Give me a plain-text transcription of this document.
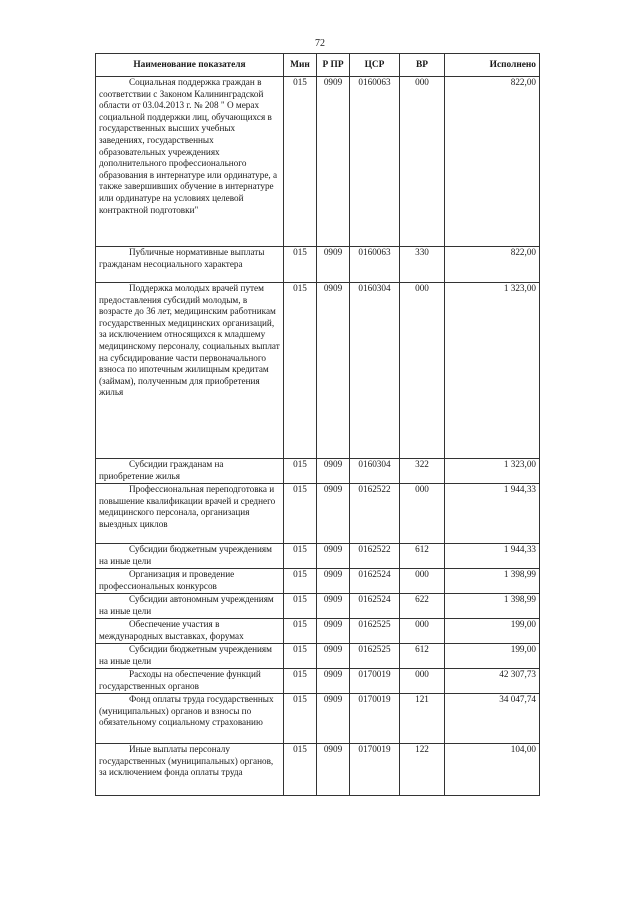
72
Наименование показателя	Мин	Р ПР	ЦСР	ВР	Исполнено

Социальная поддержка граждан в соответствии с Законом Калининградской области от 03.04.2013 г. № 208 " О мерах социальной поддержки лиц, обучающихся в государственных высших учебных заведениях, государственных образовательных учреждениях дополнительного профессионального образования в интернатуре или ординатуре, а также завершивших обучение в интернатуре или ординатуре на условиях целевой контрактной подготовки"	015	0909	0160063	000	822,00

Публичные нормативные выплаты гражданам несоциального характера	015	0909	0160063	330	822,00

Поддержка молодых врачей путем предоставления субсидий молодым, в возрасте до 36 лет, медицинским работникам государственных медицинских организаций, за исключением относящихся к младшему медицинскому персоналу, социальных выплат на субсидирование части первоначального взноса по ипотечным жилищным кредитам (займам), полученным для приобретения жилья	015	0909	0160304	000	1 323,00

Субсидии гражданам на приобретение жилья	015	0909	0160304	322	1 323,00

Профессиональная переподготовка и повышение квалификации врачей и среднего медицинского персонала, организация выездных циклов	015	0909	0162522	000	1 944,33

Субсидии бюджетным учреждениям на иные цели	015	0909	0162522	612	1 944,33

Организация и проведение профессиональных конкурсов	015	0909	0162524	000	1 398,99

Субсидии автономным учреждениям на иные цели	015	0909	0162524	622	1 398,99

Обеспечение участия в международных выставках, форумах	015	0909	0162525	000	199,00

Субсидии бюджетным учреждениям на иные цели	015	0909	0162525	612	199,00

Расходы на обеспечение функций государственных органов	015	0909	0170019	000	42 307,73

Фонд оплаты труда государственных (муниципальных) органов и взносы по обязательному социальному страхованию	015	0909	0170019	121	34 047,74

Иные выплаты персоналу государственных (муниципальных) органов, за исключением фонда оплаты труда	015	0909	0170019	122	104,00
